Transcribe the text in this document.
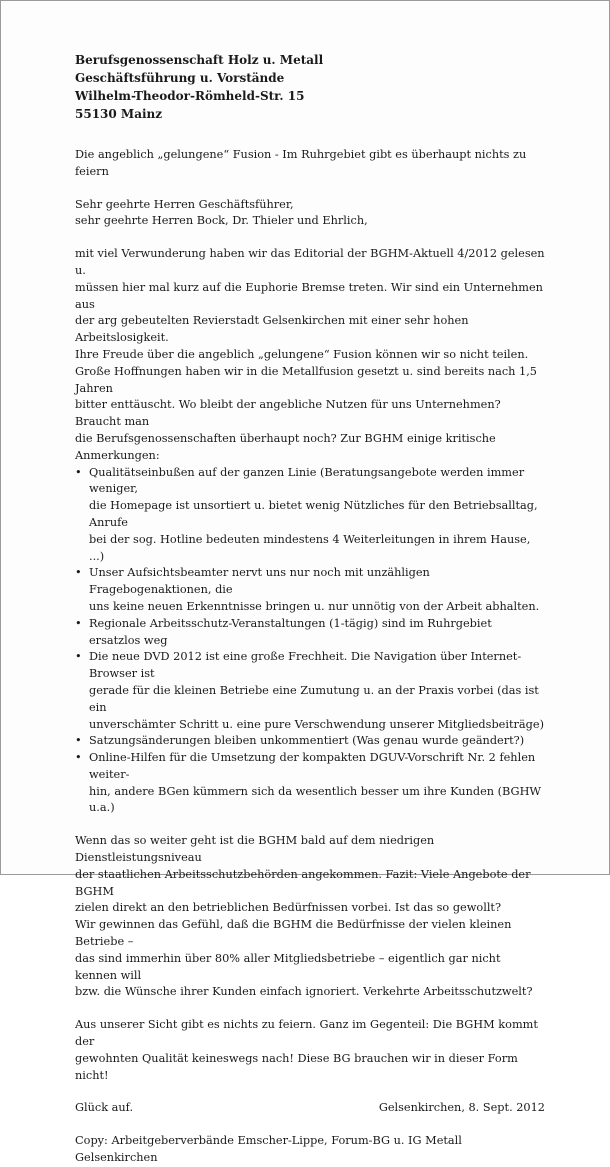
Berufsgenossenschaft Holz u. Metall
Geschäftsführung u. Vorstände
Wilhelm-Theodor-Römheld-Str. 15
55130 Mainz
Die angeblich „gelungene“ Fusion - Im Ruhrgebiet gibt es überhaupt nichts zu feiern
Sehr geehrte Herren Geschäftsführer,
sehr geehrte Herren Bock, Dr. Thieler und Ehrlich,
mit viel Verwunderung haben wir das Editorial der BGHM-Aktuell 4/2012 gelesen u.
müssen hier mal kurz auf die Euphorie Bremse treten. Wir sind ein Unternehmen aus
der arg gebeutelten Revierstadt Gelsenkirchen mit einer sehr hohen Arbeitslosigkeit.
Ihre Freude über die angeblich „gelungene“ Fusion können wir so nicht teilen.
Große Hoffnungen haben wir in die Metallfusion gesetzt u. sind bereits nach 1,5 Jahren
bitter enttäuscht. Wo bleibt der angebliche Nutzen für uns Unternehmen? Braucht man
die Berufsgenossenschaften überhaupt noch? Zur BGHM einige kritische Anmerkungen:
• Qualitätseinbußen auf der ganzen Linie (Beratungsangebote werden immer weniger,
die Homepage ist unsortiert u. bietet wenig Nützliches für den Betriebsalltag, Anrufe
bei der sog. Hotline bedeuten mindestens 4 Weiterleitungen in ihrem Hause, ...)
• Unser Aufsichtsbeamter nervt uns nur noch mit unzähligen Fragebogenaktionen, die
uns keine neuen Erkenntnisse bringen u. nur unnötig von der Arbeit abhalten.
• Regionale Arbeitsschutz-Veranstaltungen (1-tägig) sind im Ruhrgebiet ersatzlos weg
• Die neue DVD 2012 ist eine große Frechheit. Die Navigation über Internet-Browser ist
gerade für die kleinen Betriebe eine Zumutung u. an der Praxis vorbei (das ist ein
unverschämter Schritt u. eine pure Verschwendung unserer Mitgliedsbeiträge)
• Satzungsänderungen bleiben unkommentiert (Was genau wurde geändert?)
• Online-Hilfen für die Umsetzung der kompakten DGUV-Vorschrift Nr. 2 fehlen weiter-
hin, andere BGen kümmern sich da wesentlich besser um ihre Kunden (BGHW u.a.)
Wenn das so weiter geht ist die BGHM bald auf dem niedrigen Dienstleistungsniveau
der staatlichen Arbeitsschutzbehörden angekommen. Fazit: Viele Angebote der BGHM
zielen direkt an den betrieblichen Bedürfnissen vorbei. Ist das so gewollt?
Wir gewinnen das Gefühl, daß die BGHM die Bedürfnisse der vielen kleinen Betriebe –
das sind immerhin über 80% aller Mitgliedsbetriebe – eigentlich gar nicht kennen will
bzw. die Wünsche ihrer Kunden einfach ignoriert. Verkehrte Arbeitsschutzwelt?
Aus unserer Sicht gibt es nichts zu feiern. Ganz im Gegenteil: Die BGHM kommt der
gewohnten Qualität keineswegs nach! Diese BG brauchen wir in dieser Form nicht!
Glück auf.	Gelsenkirchen, 8. Sept. 2012
Copy: Arbeitgeberverbände Emscher-Lippe, Forum-BG u. IG Metall Gelsenkirchen
